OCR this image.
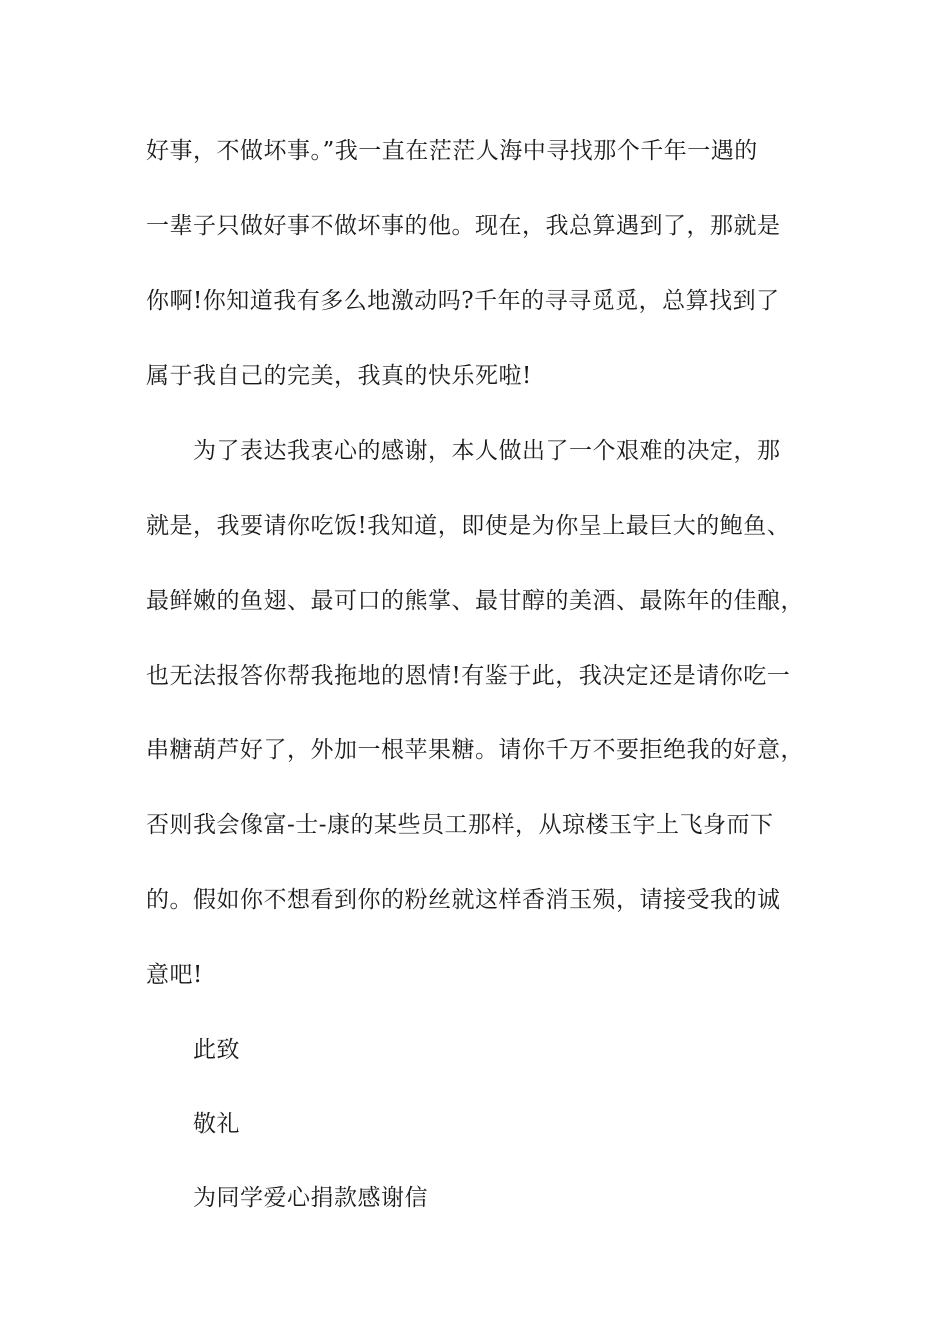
好事，不做坏事。”我一直在茫茫人海中寻找那个千年一遇的
一辈子只做好事不做坏事的他。现在，我总算遇到了，那就是
你啊!你知道我有多么地激动吗?千年的寻寻觅觅，总算找到了
属于我自己的完美，我真的快乐死啦!
为了表达我衷心的感谢，本人做出了一个艰难的决定，那
就是，我要请你吃饭!我知道，即使是为你呈上最巨大的鲍鱼、
最鲜嫩的鱼翅、最可口的熊掌、最甘醇的美酒、最陈年的佳酿，
也无法报答你帮我拖地的恩情!有鉴于此，我决定还是请你吃一
串糖葫芦好了，外加一根苹果糖。请你千万不要拒绝我的好意，
否则我会像富-士-康的某些员工那样，从琼楼玉宇上飞身而下
的。假如你不想看到你的粉丝就这样香消玉殒，请接受我的诚
意吧!
此致
敬礼
为同学爱心捐款感谢信
